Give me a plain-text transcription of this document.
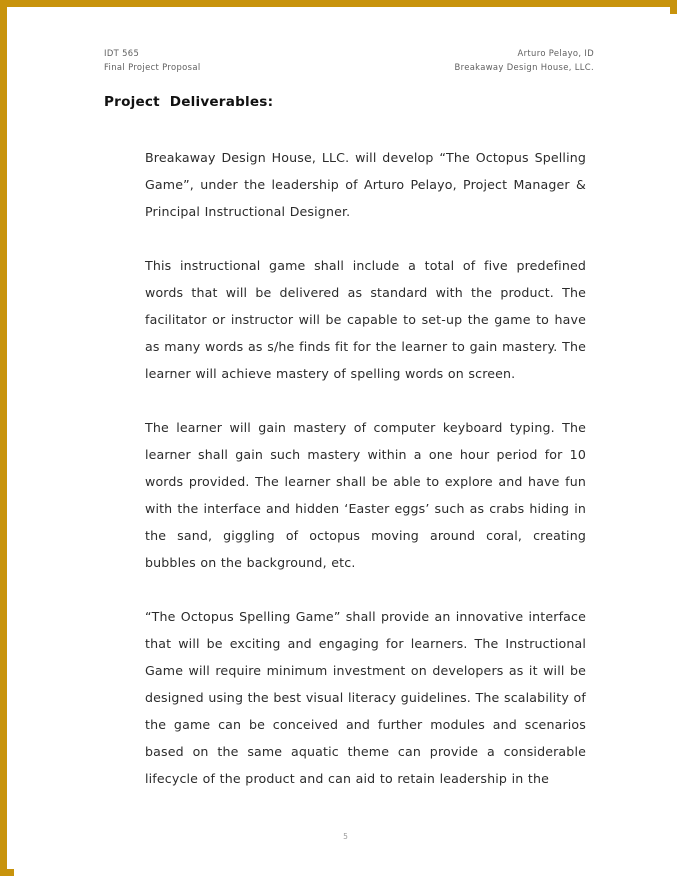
IDT 565
Final Project Proposal
Arturo Pelayo, ID
Breakaway Design House, LLC.
Project  Deliverables:

Breakaway Design House, LLC. will develop “The Octopus Spelling Game”, under the leadership of Arturo Pelayo, Project Manager & Principal Instructional Designer.

This instructional game shall include a total of five predefined words that will be delivered as standard with the product. The facilitator or instructor will be capable to set-up the game to have as many words as s/he finds fit for the learner to gain mastery. The learner will achieve mastery of spelling words on screen.

The learner will gain mastery of computer keyboard typing. The learner shall gain such mastery within a one hour period for 10 words provided. The learner shall be able to explore and have fun with the interface and hidden ‘Easter eggs’ such as crabs hiding in the sand, giggling of octopus moving around coral, creating bubbles on the background, etc.

“The Octopus Spelling Game” shall provide an innovative interface that will be exciting and engaging for learners. The Instructional Game will require minimum investment on developers as it will be designed using the best visual literacy guidelines. The scalability of the game can be conceived and further modules and scenarios based on the same aquatic theme can provide a considerable lifecycle of the product and can aid to retain leadership in the

5
